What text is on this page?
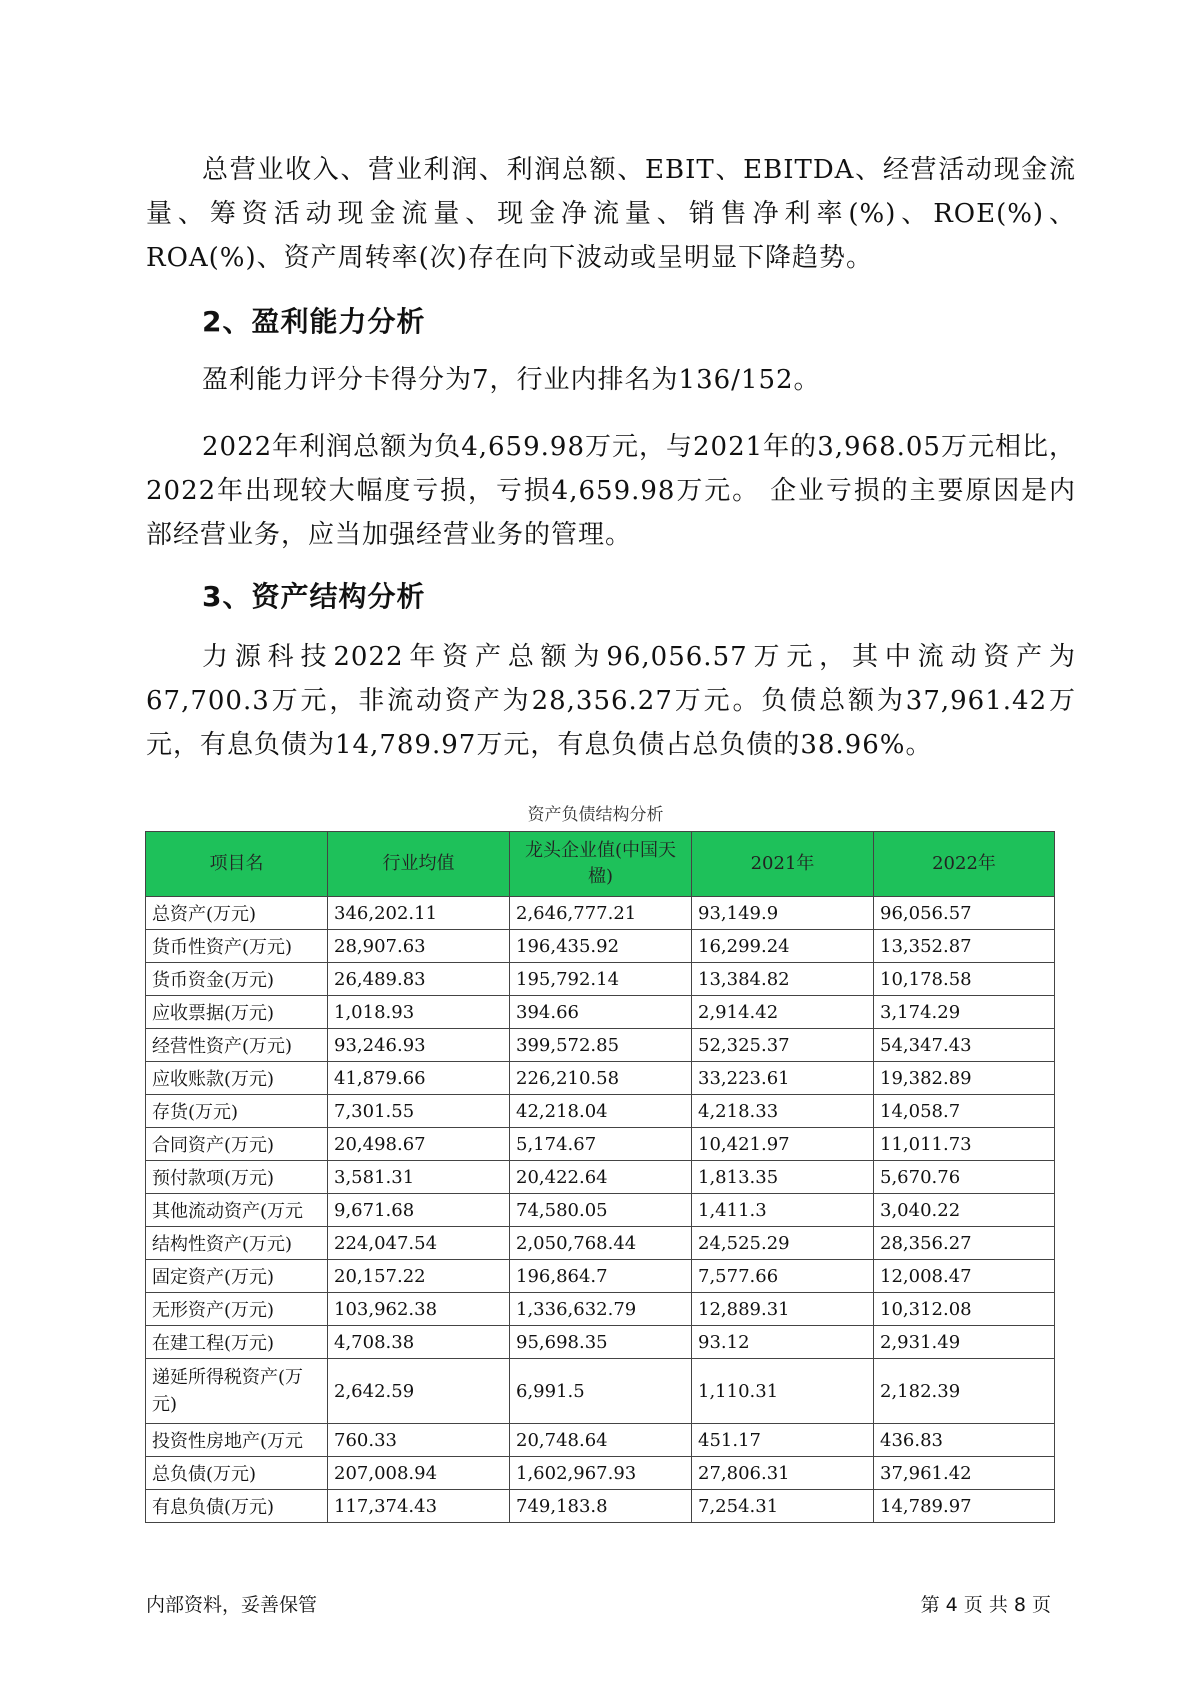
总营业收入、营业利润、利润总额、EBIT、EBITDA、经营活动现金流量、筹资活动现金流量、现金净流量、销售净利率(%)、ROE(%)、ROA(%)、资产周转率(次)存在向下波动或呈明显下降趋势。

2、盈利能力分析

盈利能力评分卡得分为7，行业内排名为136/152。

2022年利润总额为负4,659.98万元，与2021年的3,968.05万元相比，2022年出现较大幅度亏损，亏损4,659.98万元。 企业亏损的主要原因是内部经营业务，应当加强经营业务的管理。

3、资产结构分析

力源科技2022年资产总额为96,056.57万元，其中流动资产为67,700.3万元，非流动资产为28,356.27万元。负债总额为37,961.42万元，有息负债为14,789.97万元，有息负债占总负债的38.96%。

资产负债结构分析
项目名	行业均值	龙头企业值(中国天楹)	2021年	2022年
总资产(万元)	346,202.11	2,646,777.21	93,149.9	96,056.57
货币性资产(万元)	28,907.63	196,435.92	16,299.24	13,352.87
货币资金(万元)	26,489.83	195,792.14	13,384.82	10,178.58
应收票据(万元)	1,018.93	394.66	2,914.42	3,174.29
经营性资产(万元)	93,246.93	399,572.85	52,325.37	54,347.43
应收账款(万元)	41,879.66	226,210.58	33,223.61	19,382.89
存货(万元)	7,301.55	42,218.04	4,218.33	14,058.7
合同资产(万元)	20,498.67	5,174.67	10,421.97	11,011.73
预付款项(万元)	3,581.31	20,422.64	1,813.35	5,670.76
其他流动资产(万元	9,671.68	74,580.05	1,411.3	3,040.22
结构性资产(万元)	224,047.54	2,050,768.44	24,525.29	28,356.27
固定资产(万元)	20,157.22	196,864.7	7,577.66	12,008.47
无形资产(万元)	103,962.38	1,336,632.79	12,889.31	10,312.08
在建工程(万元)	4,708.38	95,698.35	93.12	2,931.49
递延所得税资产(万元)	2,642.59	6,991.5	1,110.31	2,182.39
投资性房地产(万元	760.33	20,748.64	451.17	436.83
总负债(万元)	207,008.94	1,602,967.93	27,806.31	37,961.42
有息负债(万元)	117,374.43	749,183.8	7,254.31	14,789.97
内部资料，妥善保管	第 4 页 共 8 页
